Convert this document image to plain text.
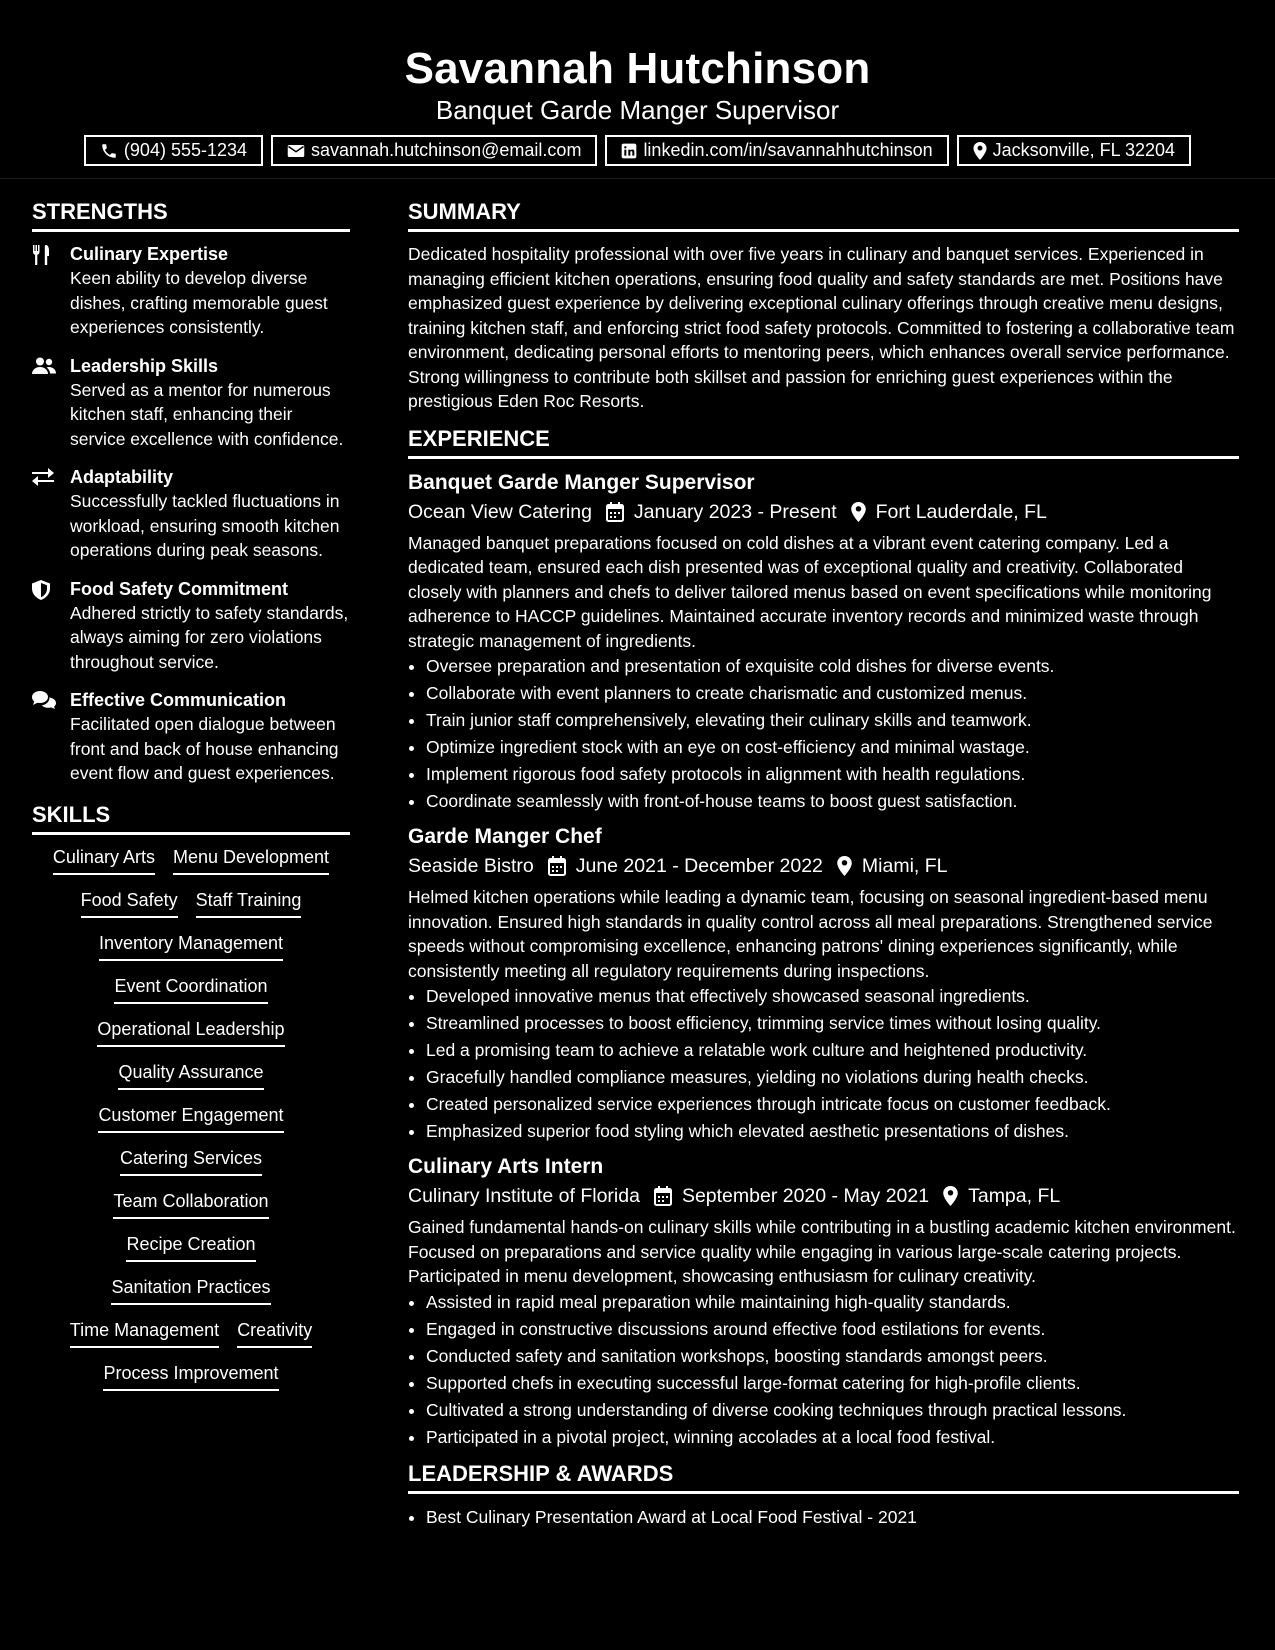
Savannah Hutchinson
Banquet Garde Manger Supervisor
(904) 555-1234	savannah.hutchinson@email.com	linkedin.com/in/savannahhutchinson	Jacksonville, FL 32204
STRENGTHS
Culinary Expertise
Keen ability to develop diverse dishes, crafting memorable guest experiences consistently.
Leadership Skills
Served as a mentor for numerous kitchen staff, enhancing their service excellence with confidence.
Adaptability
Successfully tackled fluctuations in workload, ensuring smooth kitchen operations during peak seasons.
Food Safety Commitment
Adhered strictly to safety standards, always aiming for zero violations throughout service.
Effective Communication
Facilitated open dialogue between front and back of house enhancing event flow and guest experiences.
SKILLS
Culinary Arts Menu Development
Food Safety Staff Training
Inventory Management
Event Coordination
Operational Leadership
Quality Assurance
Customer Engagement
Catering Services
Team Collaboration
Recipe Creation
Sanitation Practices
Time Management Creativity
Process Improvement
SUMMARY
Dedicated hospitality professional with over five years in culinary and banquet services. Experienced in managing efficient kitchen operations, ensuring food quality and safety standards are met. Positions have emphasized guest experience by delivering exceptional culinary offerings through creative menu designs, training kitchen staff, and enforcing strict food safety protocols. Committed to fostering a collaborative team environment, dedicating personal efforts to mentoring peers, which enhances overall service performance. Strong willingness to contribute both skillset and passion for enriching guest experiences within the prestigious Eden Roc Resorts.
EXPERIENCE
Banquet Garde Manger Supervisor
Ocean View Catering January 2023 - Present Fort Lauderdale, FL
Managed banquet preparations focused on cold dishes at a vibrant event catering company. Led a dedicated team, ensured each dish presented was of exceptional quality and creativity. Collaborated closely with planners and chefs to deliver tailored menus based on event specifications while monitoring adherence to HACCP guidelines. Maintained accurate inventory records and minimized waste through strategic management of ingredients.
• Oversee preparation and presentation of exquisite cold dishes for diverse events.
• Collaborate with event planners to create charismatic and customized menus.
• Train junior staff comprehensively, elevating their culinary skills and teamwork.
• Optimize ingredient stock with an eye on cost-efficiency and minimal wastage.
• Implement rigorous food safety protocols in alignment with health regulations.
• Coordinate seamlessly with front-of-house teams to boost guest satisfaction.
Garde Manger Chef
Seaside Bistro June 2021 - December 2022 Miami, FL
Helmed kitchen operations while leading a dynamic team, focusing on seasonal ingredient-based menu innovation. Ensured high standards in quality control across all meal preparations. Strengthened service speeds without compromising excellence, enhancing patrons' dining experiences significantly, while consistently meeting all regulatory requirements during inspections.
• Developed innovative menus that effectively showcased seasonal ingredients.
• Streamlined processes to boost efficiency, trimming service times without losing quality.
• Led a promising team to achieve a relatable work culture and heightened productivity.
• Gracefully handled compliance measures, yielding no violations during health checks.
• Created personalized service experiences through intricate focus on customer feedback.
• Emphasized superior food styling which elevated aesthetic presentations of dishes.
Culinary Arts Intern
Culinary Institute of Florida September 2020 - May 2021 Tampa, FL
Gained fundamental hands-on culinary skills while contributing in a bustling academic kitchen environment. Focused on preparations and service quality while engaging in various large-scale catering projects. Participated in menu development, showcasing enthusiasm for culinary creativity.
• Assisted in rapid meal preparation while maintaining high-quality standards.
• Engaged in constructive discussions around effective food estilations for events.
• Conducted safety and sanitation workshops, boosting standards amongst peers.
• Supported chefs in executing successful large-format catering for high-profile clients.
• Cultivated a strong understanding of diverse cooking techniques through practical lessons.
• Participated in a pivotal project, winning accolades at a local food festival.
LEADERSHIP & AWARDS
• Best Culinary Presentation Award at Local Food Festival - 2021
